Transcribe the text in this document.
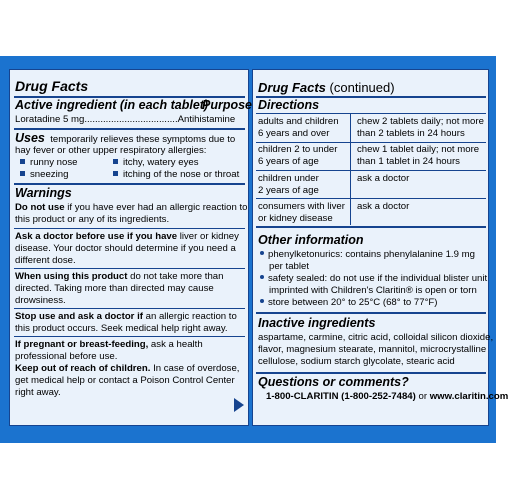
Drug Facts
Active ingredient (in each tablet)
Purpose
Loratadine 5 mg...................................Antihistamine
Uses temporarily relieves these symptoms due to
hay fever or other upper respiratory allergies:
runny nose	itchy, watery eyes
sneezing	itching of the nose or throat
Warnings
Do not use if you have ever had an allergic reaction to
this product or any of its ingredients.
Ask a doctor before use if you have liver or kidney
disease. Your doctor should determine if you need a
different dose.
When using this product do not take more than
directed. Taking more than directed may cause
drowsiness.
Stop use and ask a doctor if an allergic reaction to
this product occurs. Seek medical help right away.
If pregnant or breast-feeding, ask a health
professional before use.
Keep out of reach of children. In case of overdose,
get medical help or contact a Poison Control Center
right away.
Drug Facts (continued)
Directions
adults and children
6 years and over
chew 2 tablets daily; not more
than 2 tablets in 24 hours
children 2 to under
6 years of age
chew 1 tablet daily; not more
than 1 tablet in 24 hours
children under
2 years of age
ask a doctor
consumers with liver
or kidney disease
ask a doctor
Other information
phenylketonurics: contains phenylalanine 1.9 mg
per tablet
safety sealed: do not use if the individual blister unit
imprinted with Children's Claritin® is open or torn
store between 20° to 25°C (68° to 77°F)
Inactive ingredients
aspartame, carmine, citric acid, colloidal silicon dioxide,
flavor, magnesium stearate, mannitol, microcrystalline
cellulose, sodium starch glycolate, stearic acid
Questions or comments?
1-800-CLARITIN (1-800-252-7484) or www.claritin.com
